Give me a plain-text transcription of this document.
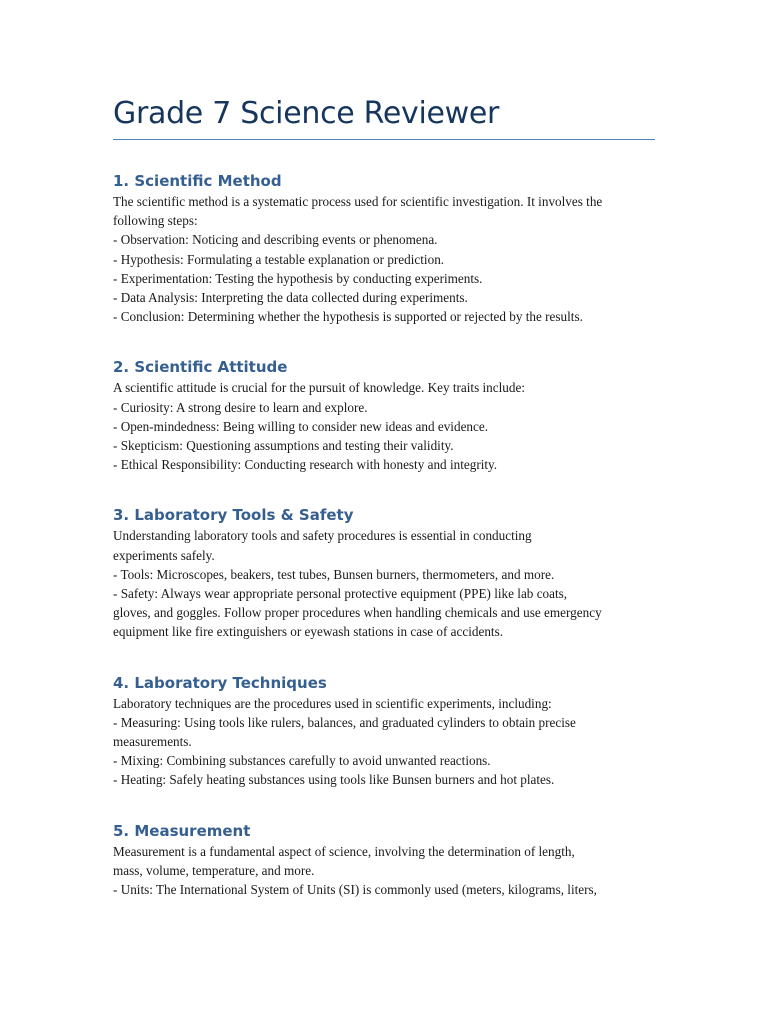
Grade 7 Science Reviewer
1. Scientific Method

The scientific method is a systematic process used for scientific investigation. It involves the
following steps:
- Observation: Noticing and describing events or phenomena.
- Hypothesis: Formulating a testable explanation or prediction.
- Experimentation: Testing the hypothesis by conducting experiments.
- Data Analysis: Interpreting the data collected during experiments.
- Conclusion: Determining whether the hypothesis is supported or rejected by the results.

2. Scientific Attitude

A scientific attitude is crucial for the pursuit of knowledge. Key traits include:
- Curiosity: A strong desire to learn and explore.
- Open-mindedness: Being willing to consider new ideas and evidence.
- Skepticism: Questioning assumptions and testing their validity.
- Ethical Responsibility: Conducting research with honesty and integrity.

3. Laboratory Tools & Safety

Understanding laboratory tools and safety procedures is essential in conducting
experiments safely.
- Tools: Microscopes, beakers, test tubes, Bunsen burners, thermometers, and more.
- Safety: Always wear appropriate personal protective equipment (PPE) like lab coats,
gloves, and goggles. Follow proper procedures when handling chemicals and use emergency
equipment like fire extinguishers or eyewash stations in case of accidents.

4. Laboratory Techniques

Laboratory techniques are the procedures used in scientific experiments, including:
- Measuring: Using tools like rulers, balances, and graduated cylinders to obtain precise
measurements.
- Mixing: Combining substances carefully to avoid unwanted reactions.
- Heating: Safely heating substances using tools like Bunsen burners and hot plates.

5. Measurement

Measurement is a fundamental aspect of science, involving the determination of length,
mass, volume, temperature, and more.
- Units: The International System of Units (SI) is commonly used (meters, kilograms, liters,
